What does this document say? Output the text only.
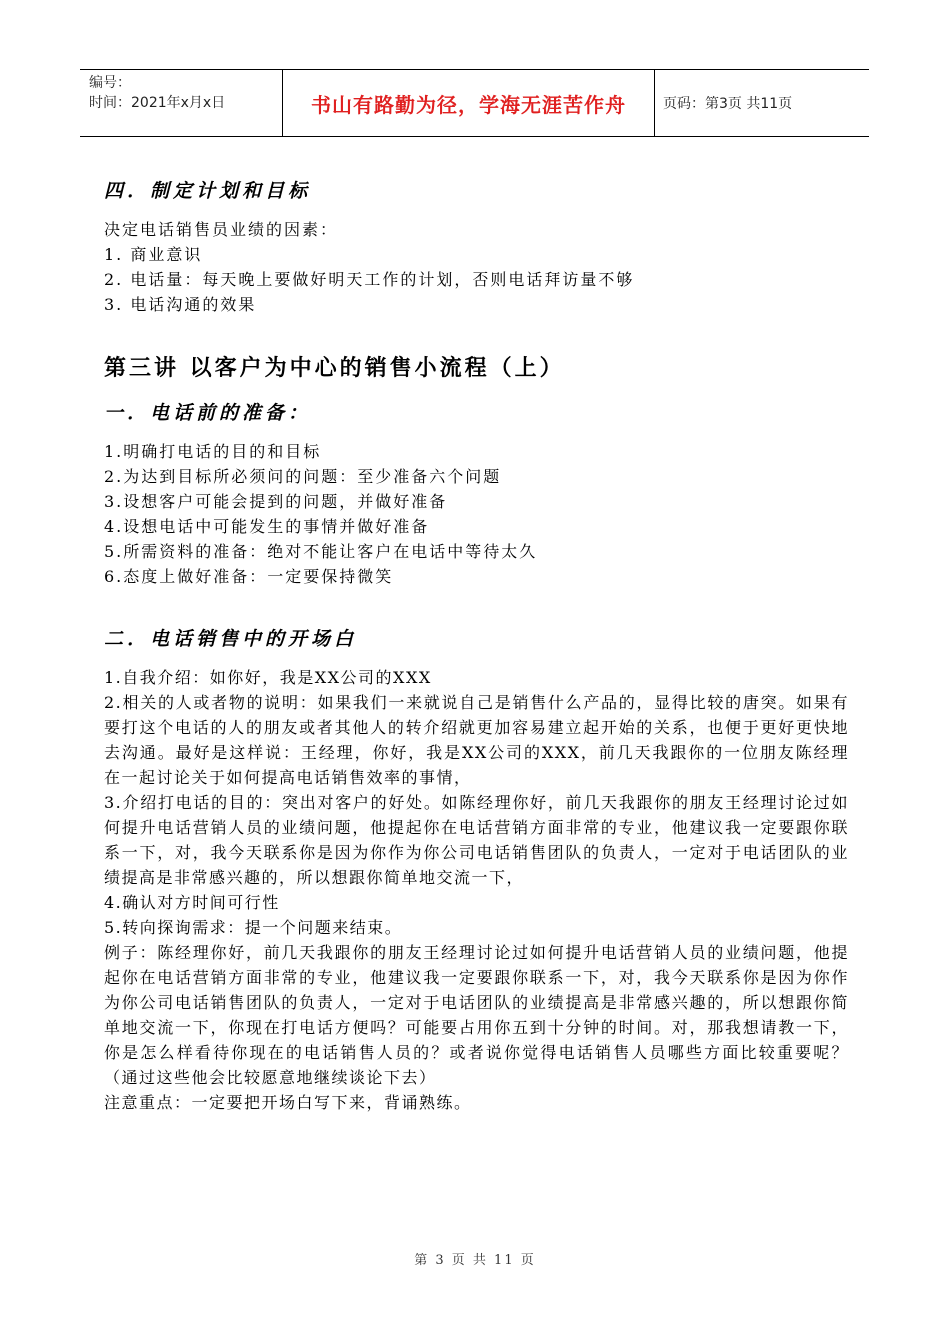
编号：
时间：2021年x月x日	书山有路勤为径，学海无涯苦作舟	页码：第3页 共11页
四．制定计划和目标

决定电话销售员业绩的因素：

1. 商业意识

2. 电话量：每天晚上要做好明天工作的计划，否则电话拜访量不够

3. 电话沟通的效果

第三讲 以客户为中心的销售小流程（上）
一．电话前的准备：

1.明确打电话的目的和目标

2.为达到目标所必须问的问题：至少准备六个问题

3.设想客户可能会提到的问题，并做好准备

4.设想电话中可能发生的事情并做好准备

5.所需资料的准备：绝对不能让客户在电话中等待太久

6.态度上做好准备：一定要保持微笑

二．电话销售中的开场白

1.自我介绍：如你好，我是XX公司的XXX

2.相关的人或者物的说明：如果我们一来就说自己是销售什么产品的，显得比较的唐突。如果有要打这个电话的人的朋友或者其他人的转介绍就更加容易建立起开始的关系，也便于更好更快地去沟通。最好是这样说：王经理，你好，我是XX公司的XXX，前几天我跟你的一位朋友陈经理在一起讨论关于如何提高电话销售效率的事情，

3.介绍打电话的目的：突出对客户的好处。如陈经理你好，前几天我跟你的朋友王经理讨论过如何提升电话营销人员的业绩问题，他提起你在电话营销方面非常的专业，他建议我一定要跟你联系一下，对，我今天联系你是因为你作为你公司电话销售团队的负责人，一定对于电话团队的业绩提高是非常感兴趣的，所以想跟你简单地交流一下，

4.确认对方时间可行性

5.转向探询需求：提一个问题来结束。

例子：陈经理你好，前几天我跟你的朋友王经理讨论过如何提升电话营销人员的业绩问题，他提起你在电话营销方面非常的专业，他建议我一定要跟你联系一下，对，我今天联系你是因为你作为你公司电话销售团队的负责人，一定对于电话团队的业绩提高是非常感兴趣的，所以想跟你简单地交流一下，你现在打电话方便吗？可能要占用你五到十分钟的时间。对，那我想请教一下，你是怎么样看待你现在的电话销售人员的？或者说你觉得电话销售人员哪些方面比较重要呢？（通过这些他会比较愿意地继续谈论下去）

注意重点：一定要把开场白写下来，背诵熟练。

第 3 页 共 11 页
